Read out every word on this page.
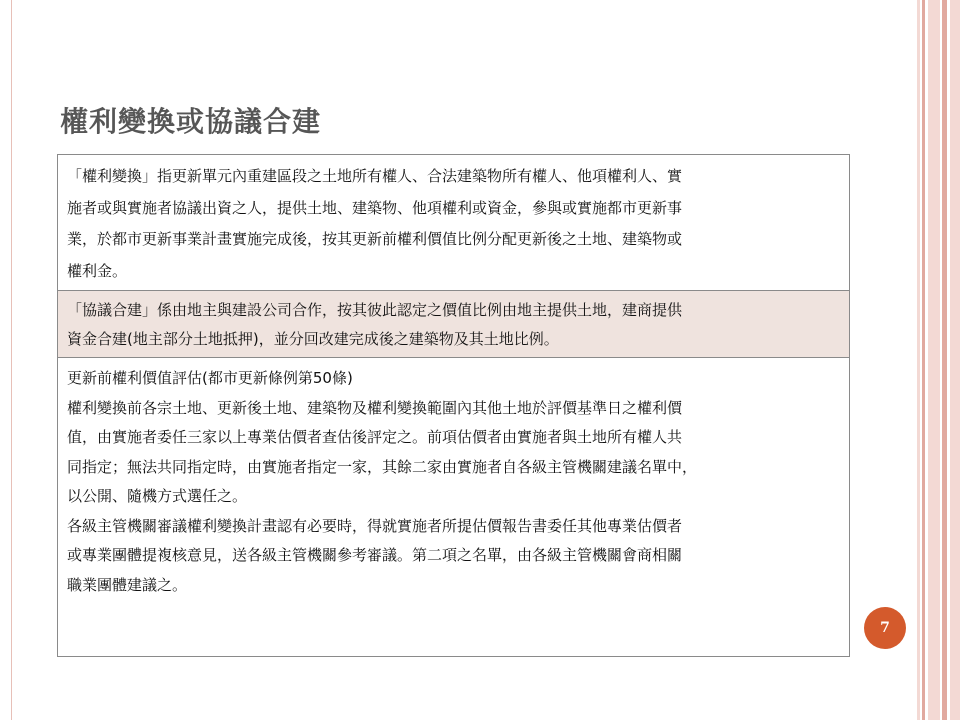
權利變換或協議合建
「權利變換」指更新單元內重建區段之土地所有權人、合法建築物所有權人、他項權利人、實
施者或與實施者協議出資之人，提供土地、建築物、他項權利或資金，參與或實施都市更新事
業，於都市更新事業計畫實施完成後，按其更新前權利價值比例分配更新後之土地、建築物或
權利金。
「協議合建」係由地主與建設公司合作，按其彼此認定之價值比例由地主提供土地，建商提供
資金合建(地主部分土地抵押)，並分回改建完成後之建築物及其土地比例。
更新前權利價值評估(都市更新條例第50條)
權利變換前各宗土地、更新後土地、建築物及權利變換範圍內其他土地於評價基準日之權利價
值，由實施者委任三家以上專業估價者查估後評定之。前項估價者由實施者與土地所有權人共
同指定；無法共同指定時，由實施者指定一家，其餘二家由實施者自各級主管機關建議名單中，
以公開、隨機方式選任之。
各級主管機關審議權利變換計畫認有必要時，得就實施者所提估價報告書委任其他專業估價者
或專業團體提複核意見，送各級主管機關參考審議。第二項之名單，由各級主管機關會商相關
職業團體建議之。
7
